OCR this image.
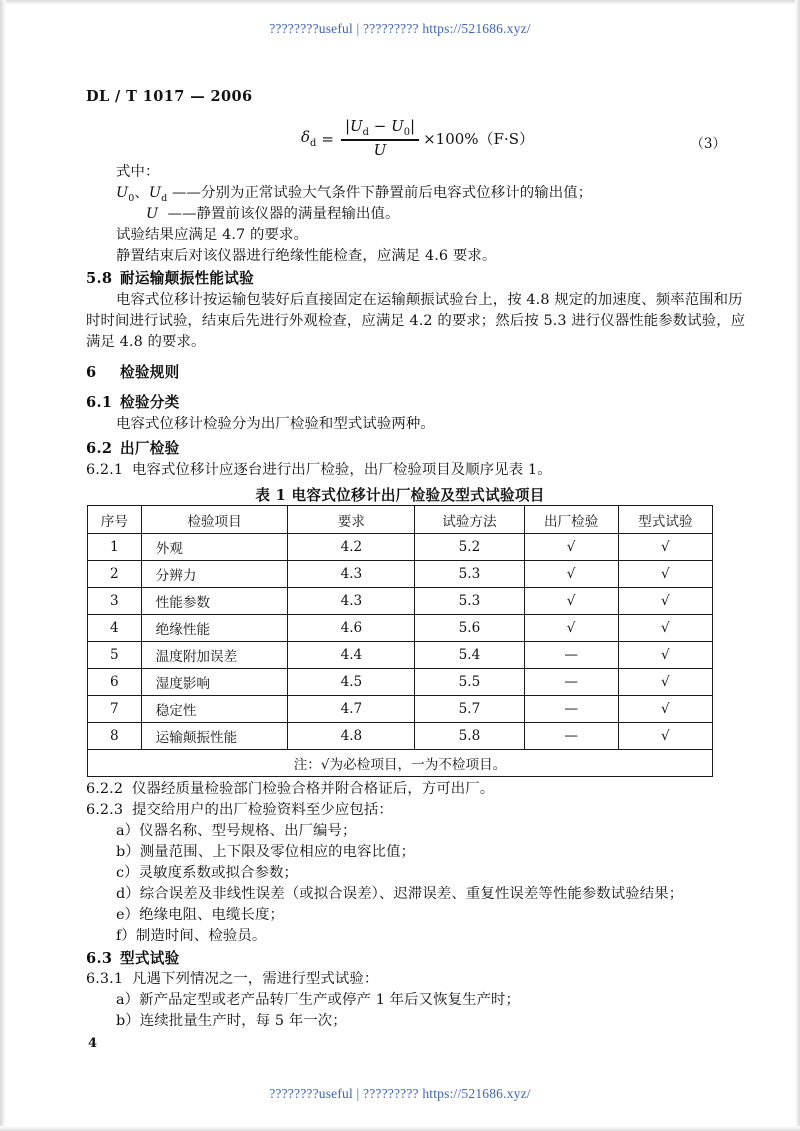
????????useful | ????????? https://521686.xyz/
DL / T 1017 — 2006
$\delta_d = \frac{|U_d - U_0|}{U} \times 100\%(F\cdot S)$	（3）
式中：
$U_0$、$U_d$ ——分别为正常试验大气条件下静置前后电容式位移计的输出值；
U  ——静置前该仪器的满量程输出值。
试验结果应满足 4.7 的要求。
静置结束后对该仪器进行绝缘性能检查，应满足 4.6 要求。
5.8 耐运输颠振性能试验
电容式位移计按运输包装好后直接固定在运输颠振试验台上，按 4.8 规定的加速度、频率范围和历
时时间进行试验，结束后先进行外观检查，应满足 4.2 的要求；然后按 5.3 进行仪器性能参数试验，应
满足 4.8 的要求。
6 检验规则
6.1 检验分类
电容式位移计检验分为出厂检验和型式试验两种。
6.2 出厂检验
6.2.1 电容式位移计应逐台进行出厂检验，出厂检验项目及顺序见表 1。
表 1 电容式位移计出厂检验及型式试验项目
序号	检验项目	要求	试验方法	出厂检验	型式试验
1	外观	4.2	5.2	√	√
2	分辨力	4.3	5.3	√	√
3	性能参数	4.3	5.3	√	√
4	绝缘性能	4.6	5.6	√	√
5	温度附加误差	4.4	5.4	—	√
6	湿度影响	4.5	5.5	—	√
7	稳定性	4.7	5.7	—	√
8	运输颠振性能	4.8	5.8	—	√
注：√为必检项目，一为不检项目。					
6.2.2 仪器经质量检验部门检验合格并附合格证后，方可出厂。
6.2.3 提交给用户的出厂检验资料至少应包括：
a）仪器名称、型号规格、出厂编号；
b）测量范围、上下限及零位相应的电容比值；
c）灵敏度系数或拟合参数；
d）综合误差及非线性误差（或拟合误差）、迟滞误差、重复性误差等性能参数试验结果；
e）绝缘电阻、电缆长度；
f）制造时间、检验员。
6.3 型式试验
6.3.1 凡遇下列情况之一，需进行型式试验：
a）新产品定型或老产品转厂生产或停产 1 年后又恢复生产时；
b）连续批量生产时，每 5 年一次；
4
????????useful | ????????? https://521686.xyz/
